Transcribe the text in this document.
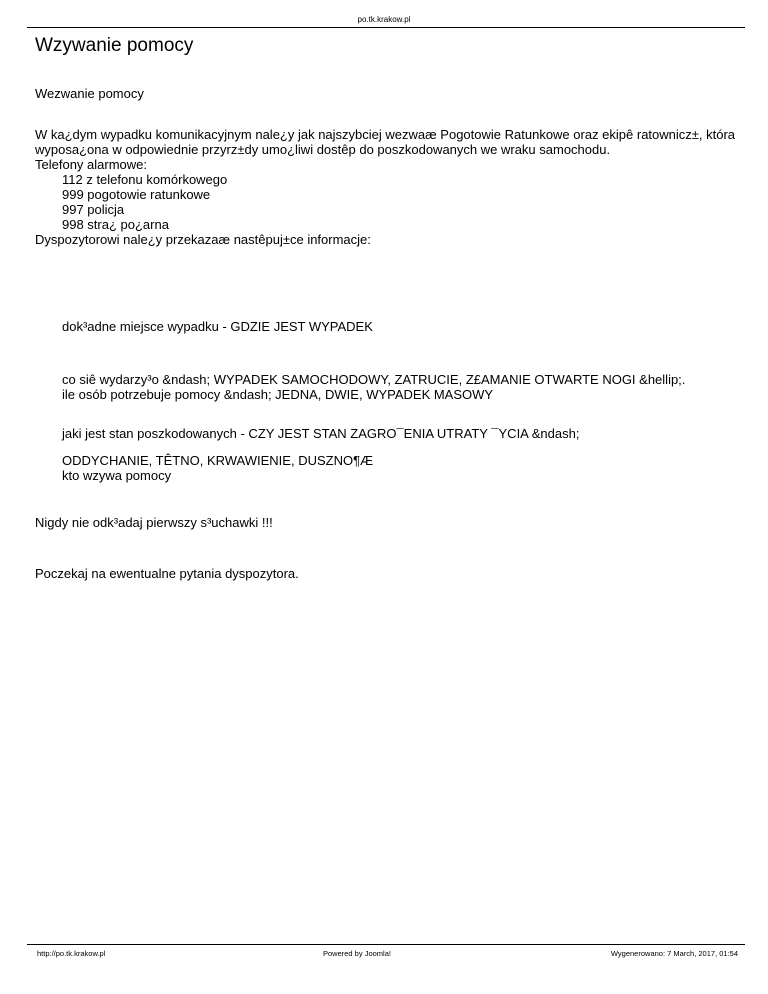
po.tk.krakow.pl
Wzywanie pomocy

Wezwanie pomocy

W ka¿dym wypadku komunikacyjnym nale¿y jak najszybciej wezwaæ Pogotowie Ratunkowe oraz ekipê ratownicz±, która
wyposa¿ona w odpowiednie przyrz±dy umo¿liwi dostêp do poszkodowanych we wraku samochodu.
Telefony alarmowe:
112 z telefonu komórkowego
999 pogotowie ratunkowe
997 policja
998 stra¿ po¿arna
Dyspozytorowi nale¿y przekazaæ nastêpuj±ce informacje:

dok³adne miejsce wypadku - GDZIE JEST WYPADEK

co siê wydarzy³o &ndash; WYPADEK SAMOCHODOWY, ZATRUCIE, Z£AMANIE OTWARTE NOGI &hellip;.
ile osób potrzebuje pomocy &ndash; JEDNA, DWIE, WYPADEK MASOWY

jaki jest stan poszkodowanych - CZY JEST STAN ZAGRO¯ENIA UTRATY ¯YCIA &ndash;

ODDYCHANIE, TÊTNO, KRWAWIENIE, DUSZNO¶Æ
kto wzywa pomocy

Nigdy nie odk³adaj pierwszy s³uchawki !!!

Poczekaj na ewentualne pytania dyspozytora.

http://po.tk.krakow.pl	Powered by Joomla!	Wygenerowano: 7 March, 2017, 01:54
